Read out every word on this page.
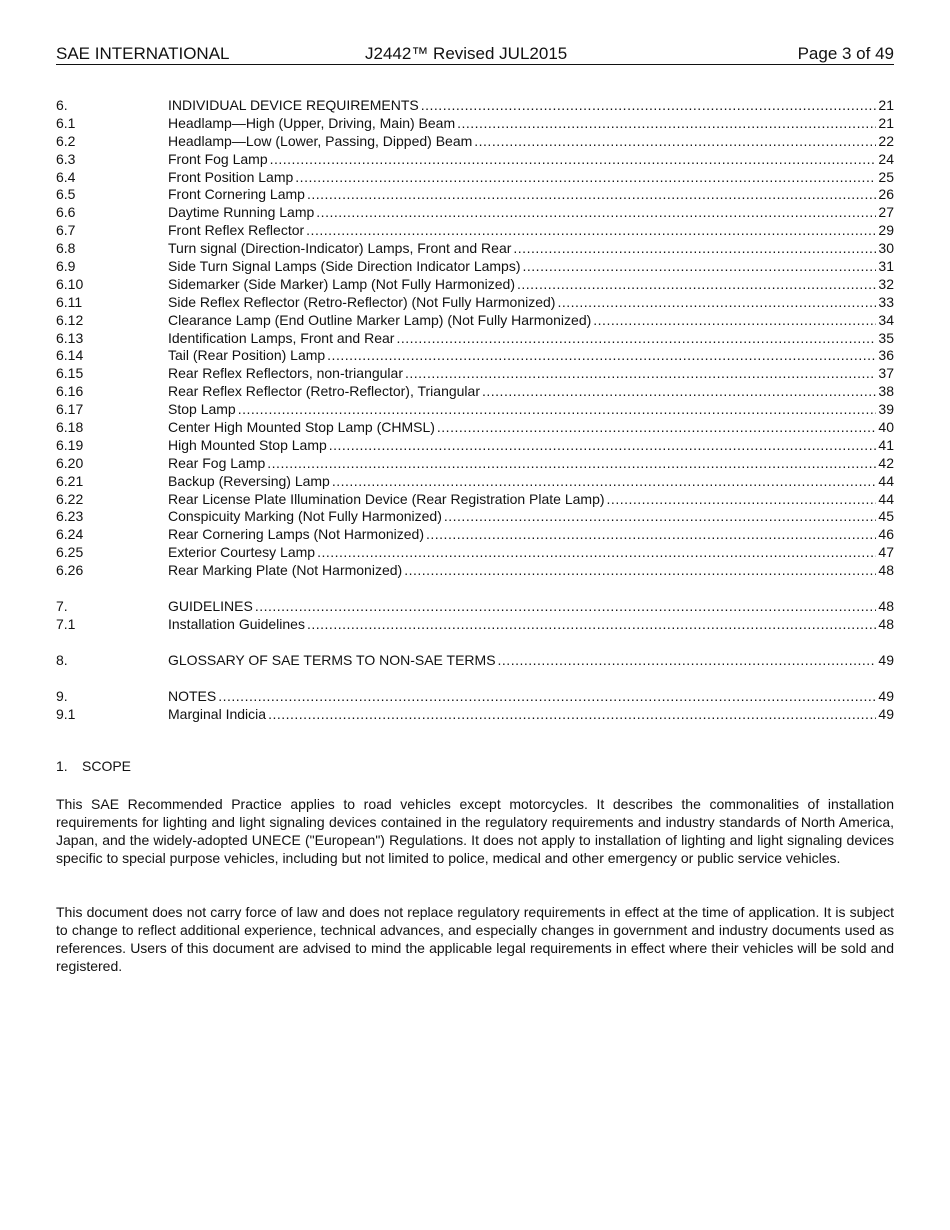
SAE INTERNATIONAL	J2442™ Revised JUL2015	Page 3 of 49
6.	INDIVIDUAL DEVICE REQUIREMENTS .....	21
6.1	Headlamp—High (Upper, Driving, Main) Beam .....	21
6.2	Headlamp—Low (Lower, Passing, Dipped) Beam .....	22
6.3	Front Fog Lamp .....	24
6.4	Front Position Lamp .....	25
6.5	Front Cornering Lamp .....	26
6.6	Daytime Running Lamp .....	27
6.7	Front Reflex Reflector .....	29
6.8	Turn signal (Direction-Indicator) Lamps, Front and Rear .....	30
6.9	Side Turn Signal Lamps (Side Direction Indicator Lamps) .....	31
6.10	Sidemarker (Side Marker) Lamp (Not Fully Harmonized) .....	32
6.11	Side Reflex Reflector (Retro-Reflector) (Not Fully Harmonized) .....	33
6.12	Clearance Lamp (End Outline Marker Lamp) (Not Fully Harmonized) .....	34
6.13	Identification Lamps, Front and Rear .....	35
6.14	Tail (Rear Position) Lamp .....	36
6.15	Rear Reflex Reflectors, non-triangular .....	37
6.16	Rear Reflex Reflector (Retro-Reflector), Triangular .....	38
6.17	Stop Lamp .....	39
6.18	Center High Mounted Stop Lamp (CHMSL) .....	40
6.19	High Mounted Stop Lamp .....	41
6.20	Rear Fog Lamp .....	42
6.21	Backup (Reversing) Lamp .....	44
6.22	Rear License Plate Illumination Device (Rear Registration Plate Lamp) .....	44
6.23	Conspicuity Marking (Not Fully Harmonized) .....	45
6.24	Rear Cornering Lamps (Not Harmonized) .....	46
6.25	Exterior Courtesy Lamp .....	47
6.26	Rear Marking Plate (Not Harmonized) .....	48
7.	GUIDELINES .....	48
7.1	Installation Guidelines .....	48
8.	GLOSSARY OF SAE TERMS TO NON-SAE TERMS .....	49
9.	NOTES .....	49
9.1	Marginal Indicia .....	49
1. SCOPE

This SAE Recommended Practice applies to road vehicles except motorcycles. It describes the commonalities of installation requirements for lighting and light signaling devices contained in the regulatory requirements and industry standards of North America, Japan, and the widely-adopted UNECE ("European") Regulations. It does not apply to installation of lighting and light signaling devices specific to special purpose vehicles, including but not limited to police, medical and other emergency or public service vehicles.

This document does not carry force of law and does not replace regulatory requirements in effect at the time of application. It is subject to change to reflect additional experience, technical advances, and especially changes in government and industry documents used as references. Users of this document are advised to mind the applicable legal requirements in effect where their vehicles will be sold and registered.
